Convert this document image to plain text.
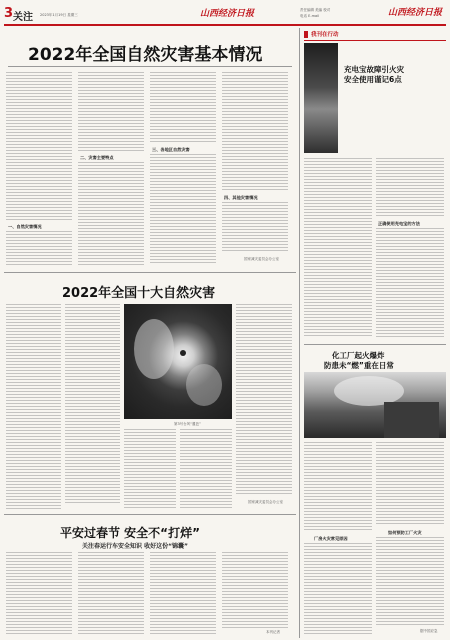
3 关注 2023年1月19日 星期三	山西经济日报	责任编辑 美编 校对
电话 E-mail	山西经济日报
2022年全国自然灾害基本情况
一、自然灾害情况
二、灾害主要特点
三、各地区自然灾害
四、其他灾害情况
国家减灾委员会办公室
2022年全国十大自然灾害
第3号台风“暹芭”
国家减灾委员会办公室
平安过春节 安全不“打烊”
关注春运行车安全知识 收好这份“锦囊”
本刊记者
我刊在行动
充电宝故障引火灾
安全使用谨记6点
正确使用充电宝的方法
化工厂起火爆炸
防患未“燃”重在日常
厂房火灾常见原因
如何预防工厂火灾
据中国应急
